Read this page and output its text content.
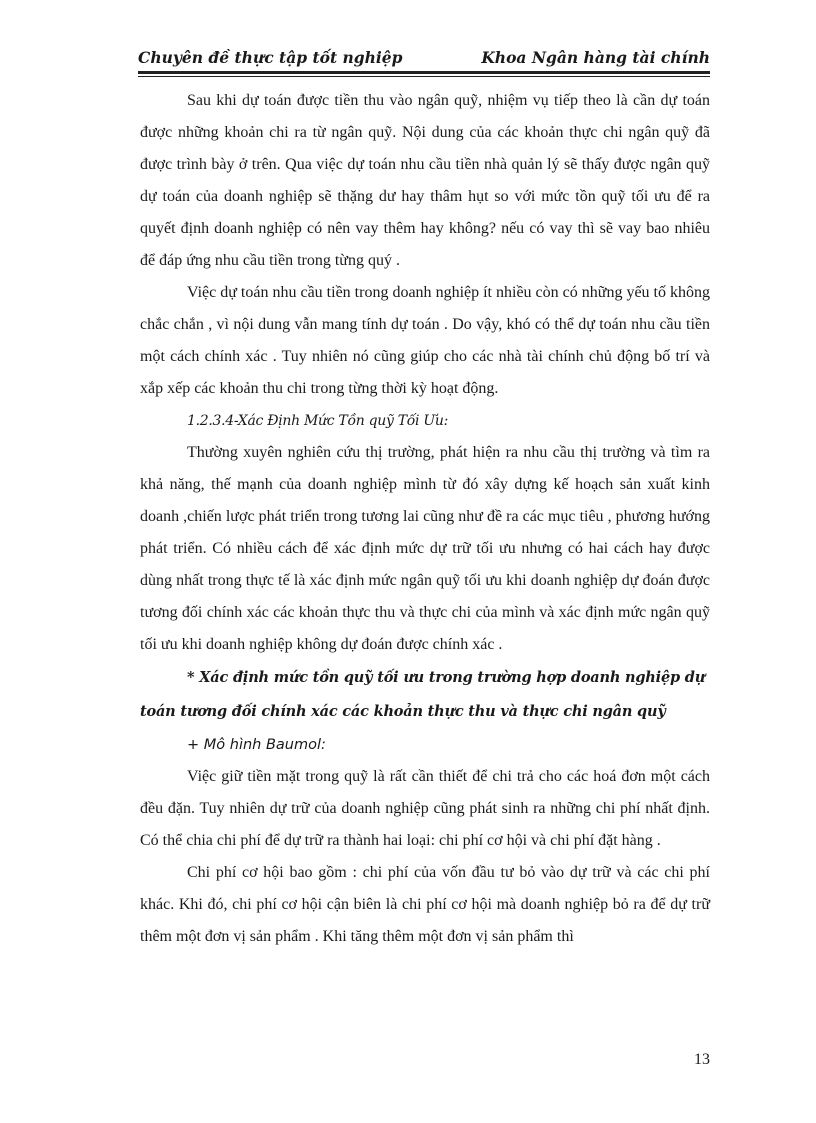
Chuyên đề thực tập tốt nghiệp	Khoa Ngân hàng tài chính

Sau khi dự toán được tiền thu vào ngân quỹ, nhiệm vụ tiếp theo là cần dự toán được những khoản chi ra từ ngân quỹ. Nội dung của các khoản thực chi ngân quỹ đã được trình bày ở trên. Qua việc dự toán nhu cầu tiền nhà quản lý sẽ thấy được ngân quỹ dự toán của doanh nghiệp sẽ thặng dư hay thâm hụt so với mức tồn quỹ tối ưu để ra quyết định doanh nghiệp có nên vay thêm hay không? nếu có vay thì sẽ vay bao nhiêu để đáp ứng nhu cầu tiền trong từng quý .

Việc dự toán nhu cầu tiền trong doanh nghiệp ít nhiều còn có những yếu tố không chắc chắn , vì nội dung vẫn mang tính dự toán . Do vậy, khó có thể dự toán nhu cầu tiền một cách chính xác . Tuy nhiên nó cũng giúp cho các nhà tài chính chủ động bố trí và xắp xếp các khoản thu chi trong từng thời kỳ hoạt động.

1.2.3.4-Xác Định Mức Tồn quỹ Tối Ưu:

Thường xuyên nghiên cứu thị trường, phát hiện ra nhu cầu thị trường và tìm ra khả năng, thế mạnh của doanh nghiệp mình từ đó xây dựng kế hoạch sản xuất kinh doanh ,chiến lược phát triển trong tương lai cũng như đề ra các mục tiêu , phương hướng phát triển. Có nhiều cách để xác định mức dự trữ tối ưu nhưng có hai cách hay được dùng nhất trong thực tế là xác định mức ngân quỹ tối ưu khi doanh nghiệp dự đoán được tương đối chính xác các khoản thực thu và thực chi của mình và xác định mức ngân quỹ tối ưu khi doanh nghiệp không dự đoán được chính xác .

* Xác định mức tồn quỹ tối ưu trong trường hợp doanh nghiệp dự toán tương đối chính xác các khoản thực thu và thực chi ngân quỹ

+ Mô hình Baumol:

Việc giữ tiền mặt trong quỹ là rất cần thiết để chi trả cho các hoá đơn một cách đều đặn. Tuy nhiên dự trữ của doanh nghiệp cũng phát sinh ra những chi phí nhất định. Có thể chia chi phí để dự trữ ra thành hai loại: chi phí cơ hội và chi phí đặt hàng .

Chi phí cơ hội bao gồm : chi phí của vốn đầu tư bỏ vào dự trữ và các chi phí khác. Khi đó, chi phí cơ hội cận biên là chi phí cơ hội mà doanh nghiệp bỏ ra để dự trữ thêm một đơn vị sản phẩm . Khi tăng thêm một đơn vị sản phẩm thì

13
